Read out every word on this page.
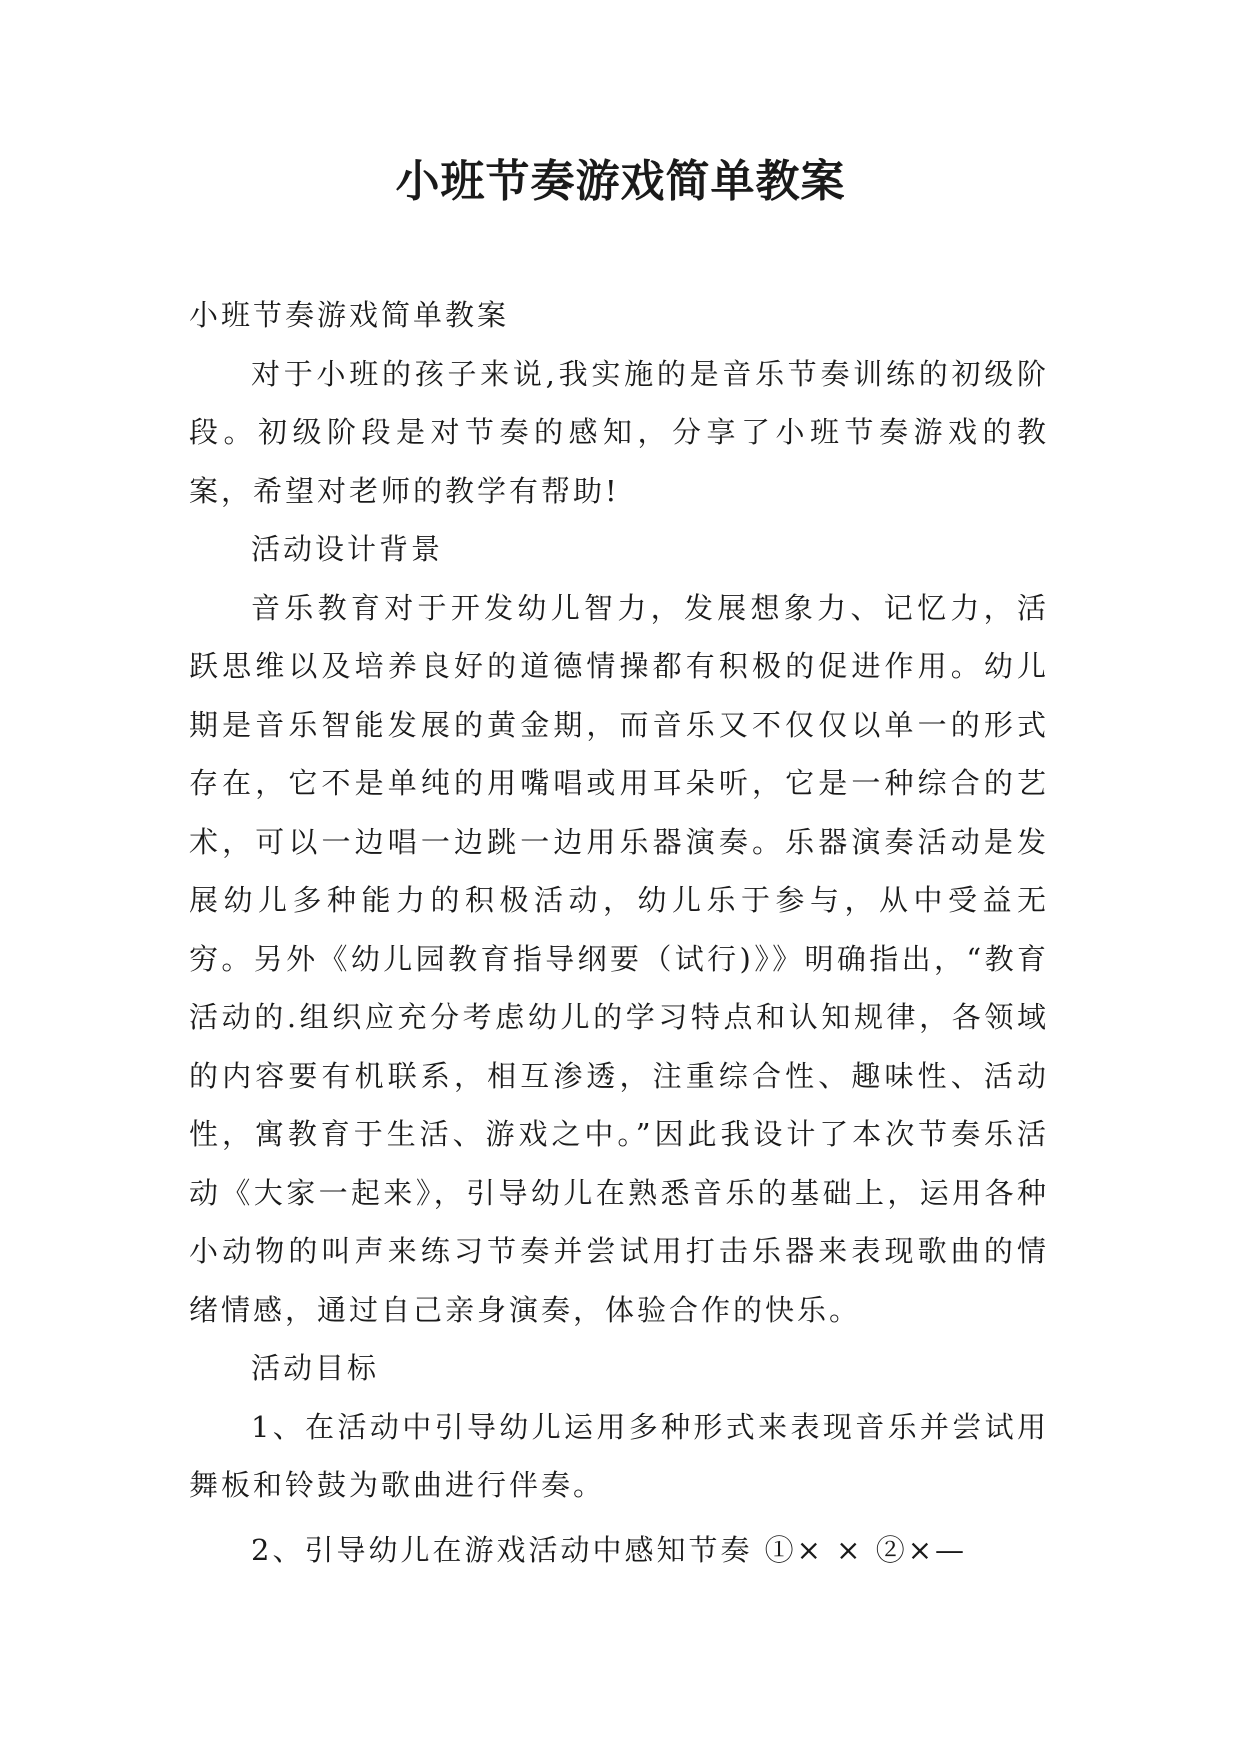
小班节奏游戏简单教案

小班节奏游戏简单教案

对于小班的孩子来说,我实施的是音乐节奏训练的初级阶段。初级阶段是对节奏的感知，分享了小班节奏游戏的教案，希望对老师的教学有帮助!

活动设计背景

音乐教育对于开发幼儿智力，发展想象力、记忆力，活跃思维以及培养良好的道德情操都有积极的促进作用。幼儿期是音乐智能发展的黄金期，而音乐又不仅仅以单一的形式存在，它不是单纯的用嘴唱或用耳朵听，它是一种综合的艺术，可以一边唱一边跳一边用乐器演奏。乐器演奏活动是发展幼儿多种能力的积极活动，幼儿乐于参与，从中受益无穷。另外《幼儿园教育指导纲要（试行)》》明确指出，“教育活动的.组织应充分考虑幼儿的学习特点和认知规律，各领域的内容要有机联系，相互渗透，注重综合性、趣味性、活动性，寓教育于生活、游戏之中。”因此我设计了本次节奏乐活动《大家一起来》，引导幼儿在熟悉音乐的基础上，运用各种小动物的叫声来练习节奏并尝试用打击乐器来表现歌曲的情绪情感，通过自己亲身演奏，体验合作的快乐。

活动目标

1、在活动中引导幼儿运用多种形式来表现音乐并尝试用舞板和铃鼓为歌曲进行伴奏。

2、引导幼儿在游戏活动中感知节奏 ①× × ②×—
